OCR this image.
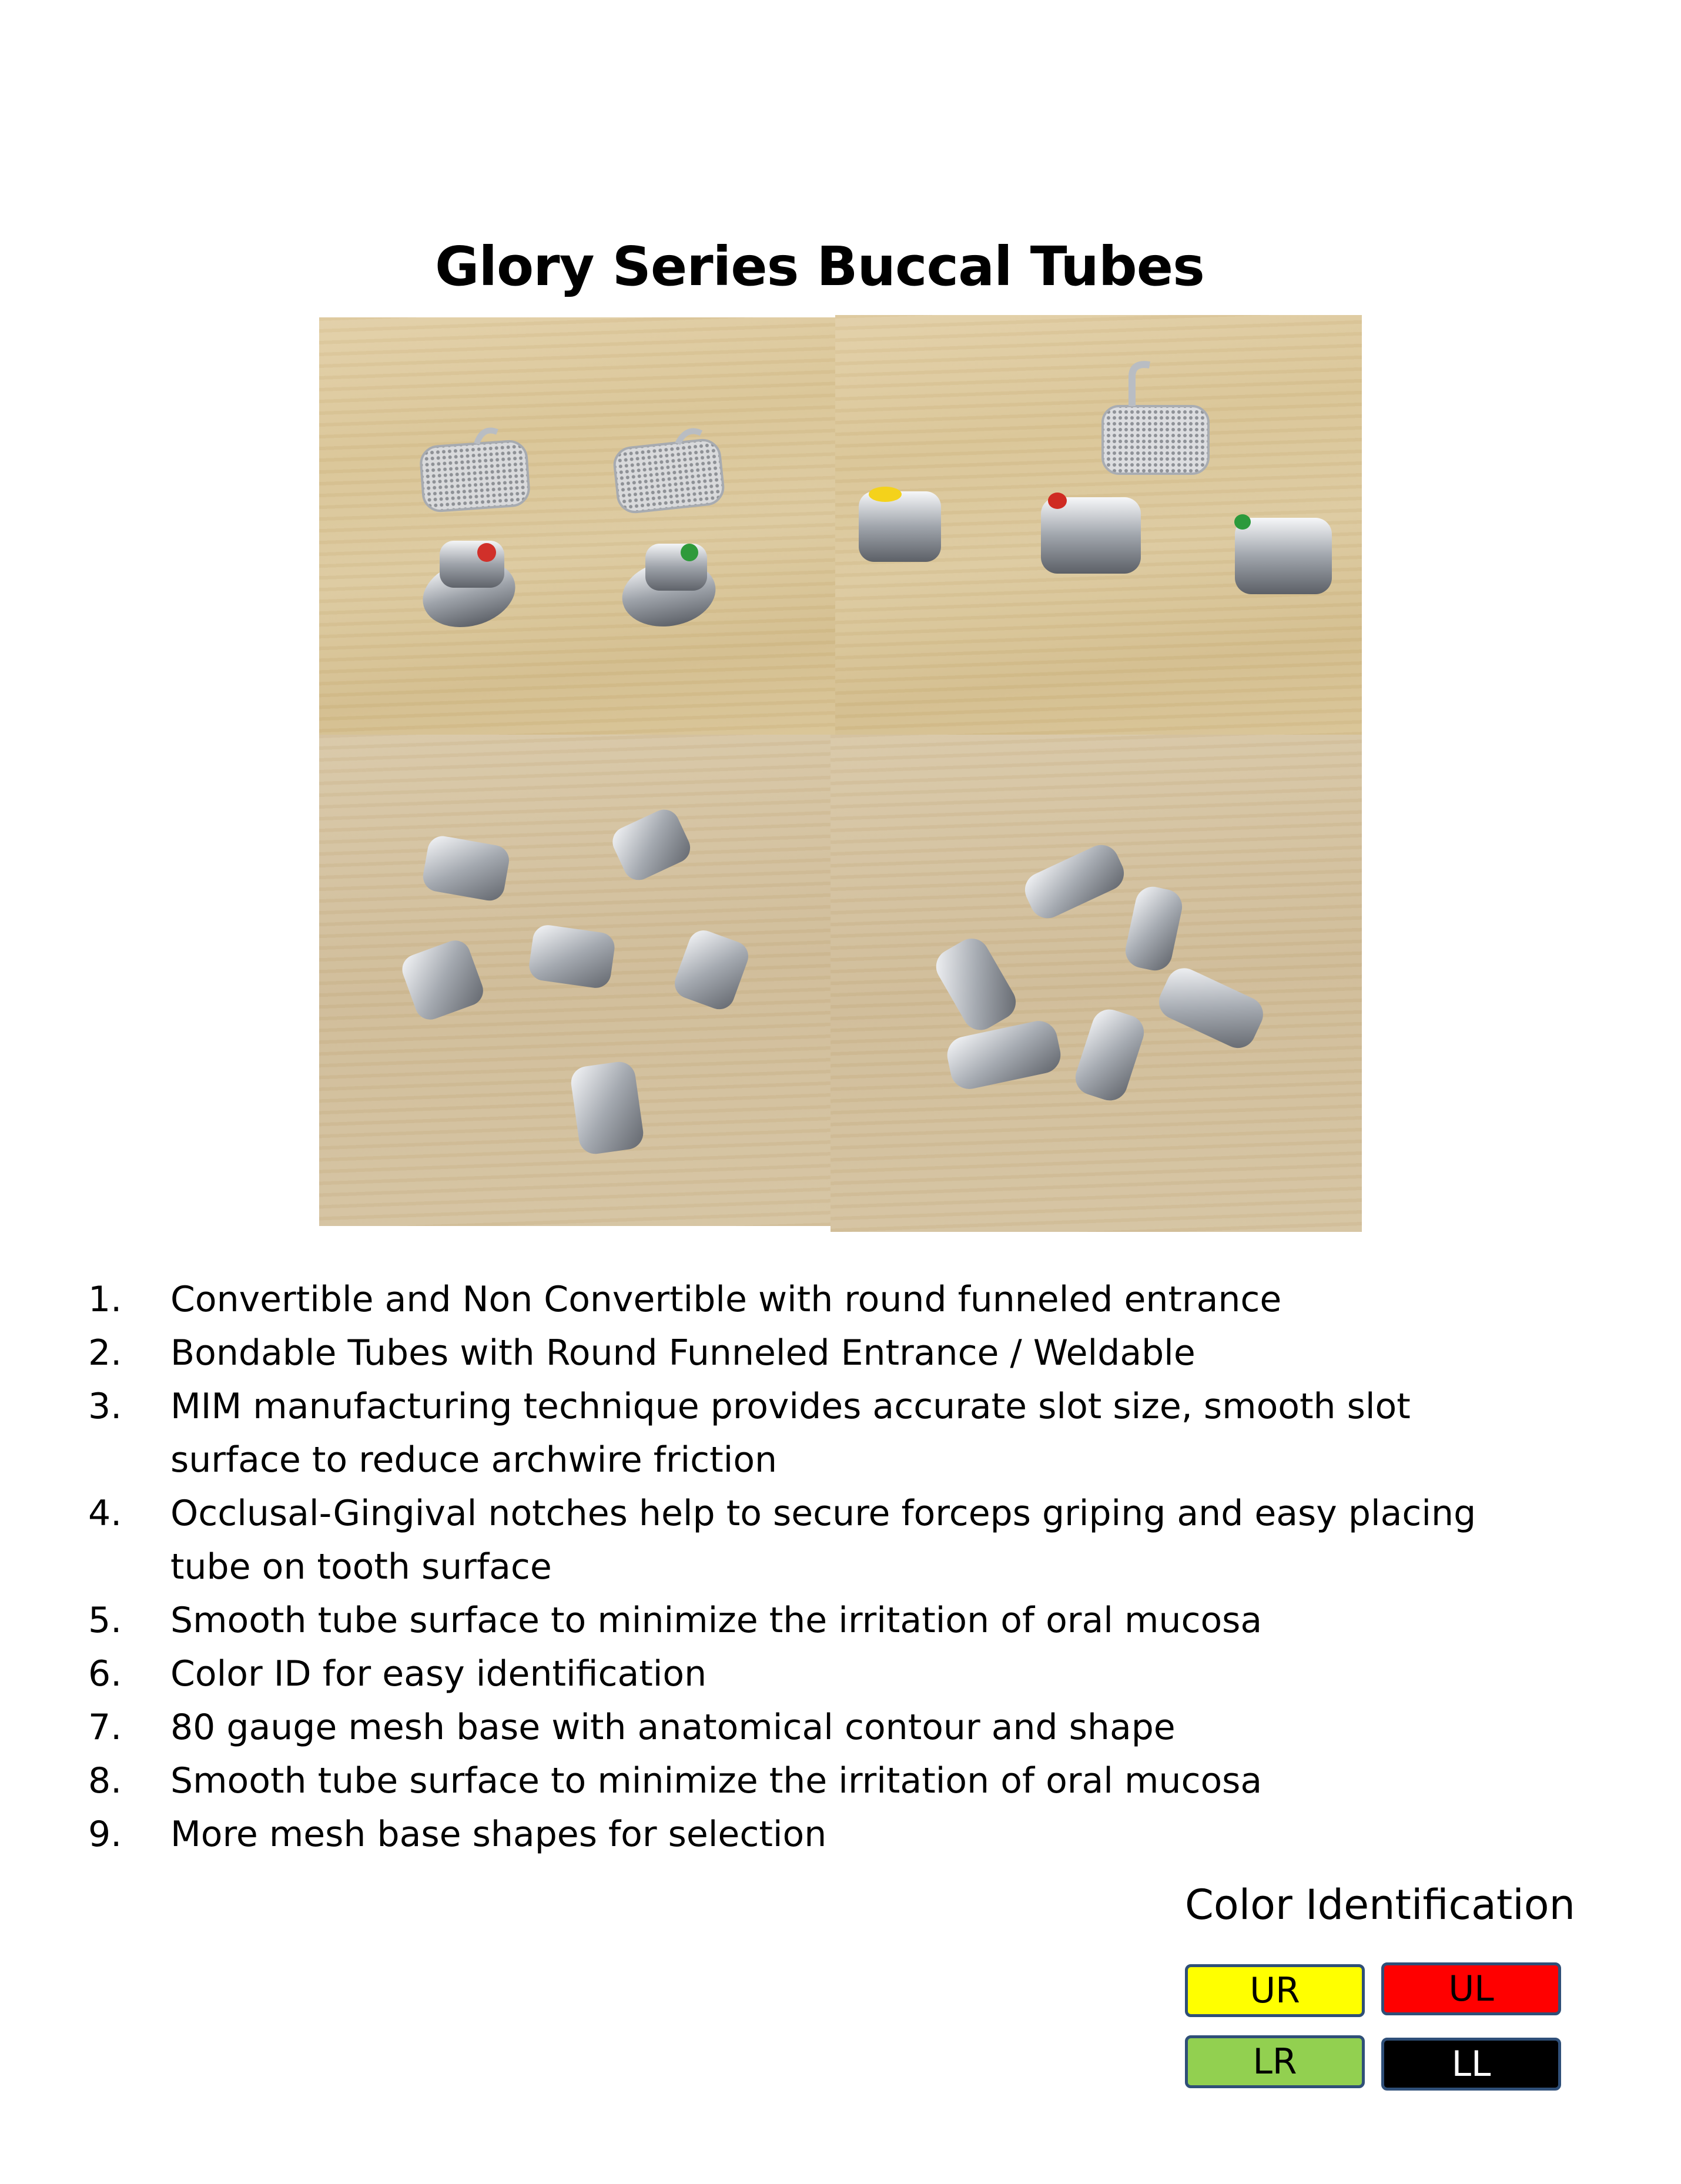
Glory Series Buccal Tubes
1.	Convertible and Non Convertible with round funneled entrance
2.	Bondable Tubes with Round Funneled Entrance / Weldable
3.	MIM manufacturing technique provides accurate slot size, smooth slot
surface to reduce archwire friction
4.	Occlusal-Gingival notches help to secure forceps griping and easy placing
tube on tooth surface
5.	Smooth tube surface to minimize the irritation of oral mucosa
6.	Color ID for easy identification
7.	80 gauge mesh base with anatomical contour and shape
8.	Smooth tube surface to minimize the irritation of oral mucosa
9.	More mesh base shapes for selection
Color Identification
UR	UL
LR	LL
